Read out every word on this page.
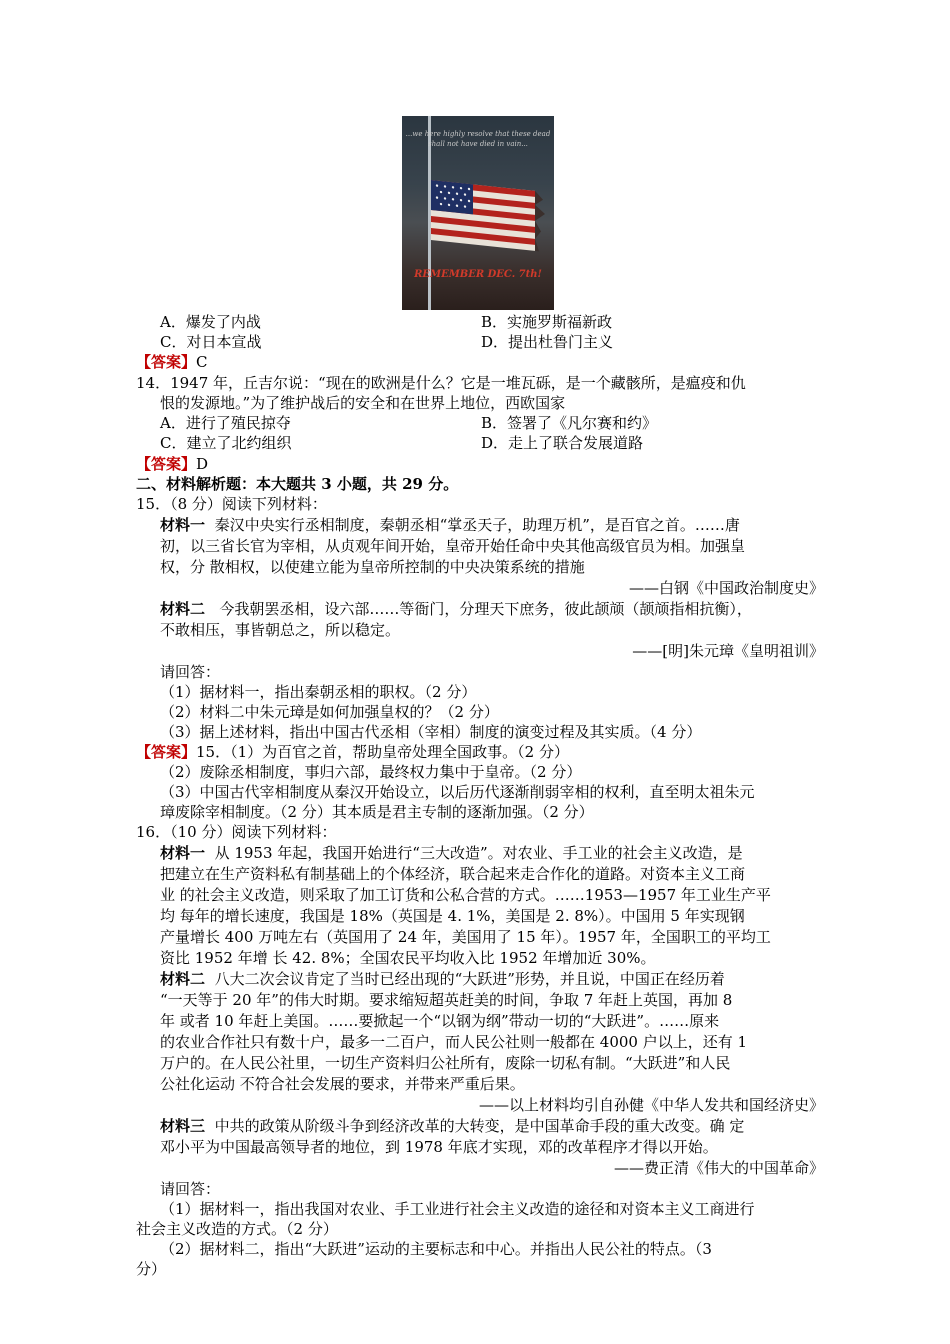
...we here highly resolve that these dead
shall not have died in vain...
REMEMBER DEC. 7th!
A．爆发了内战	B．实施罗斯福新政
C．对日本宣战	D．提出杜鲁门主义
【答案】C
14．1947 年，丘吉尔说：“现在的欧洲是什么？它是一堆瓦砾，是一个藏骸所，是瘟疫和仇
恨的发源地。”为了维护战后的安全和在世界上地位，西欧国家
A．进行了殖民掠夺	B．签署了《凡尔赛和约》
C．建立了北约组织	D．走上了联合发展道路
【答案】D
二、材料解析题：本大题共 3 小题，共 29 分。
15．（8 分）阅读下列材料：
材料一 秦汉中央实行丞相制度，秦朝丞相“掌丞天子，助理万机”，是百官之首。……唐
初，以三省长官为宰相，从贞观年间开始，皇帝开始任命中央其他高级官员为相。加强皇
权，分 散相权，以使建立能为皇帝所控制的中央决策系统的措施
——白钢《中国政治制度史》
材料二 今我朝罢丞相，设六部……等衙门，分理天下庶务，彼此颉颃（颉颃指相抗衡），
不敢相压，事皆朝总之，所以稳定。
——[明]朱元璋《皇明祖训》
请回答：
（1）据材料一，指出秦朝丞相的职权。（2 分）
（2）材料二中朱元璋是如何加强皇权的？（2 分）
（3）据上述材料，指出中国古代丞相（宰相）制度的演变过程及其实质。（4 分）
【答案】15．（1）为百官之首，帮助皇帝处理全国政事。（2 分）
（2）废除丞相制度，事归六部，最终权力集中于皇帝。（2 分）
（3）中国古代宰相制度从秦汉开始设立，以后历代逐渐削弱宰相的权利，直至明太祖朱元
璋废除宰相制度。（2 分）其本质是君主专制的逐渐加强。（2 分）
16．（10 分）阅读下列材料：
材料一 从 1953 年起，我国开始进行“三大改造”。对农业、手工业的社会主义改造，是
把建立在生产资料私有制基础上的个体经济，联合起来走合作化的道路。对资本主义工商
业 的社会主义改造，则采取了加工订货和公私合营的方式。……1953—1957 年工业生产平
均 每年的增长速度，我国是 18%（英国是 4. 1%，美国是 2. 8%）。中国用 5 年实现钢
产量增长 400 万吨左右（英国用了 24 年，美国用了 15 年）。1957 年，全国职工的平均工
资比 1952 年增 长 42. 8%；全国农民平均收入比 1952 年增加近 30%。
材料二 八大二次会议肯定了当时已经出现的“大跃进”形势，并且说，中国正在经历着
“一天等于 20 年”的伟大时期。要求缩短超英赶美的时间，争取 7 年赶上英国，再加 8
年 或者 10 年赶上美国。……要掀起一个“以钢为纲”带动一切的“大跃进”。……原来
的农业合作社只有数十户，最多一二百户，而人民公社则一般都在 4000 户以上，还有 1
万户的。在人民公社里，一切生产资料归公社所有，废除一切私有制。“大跃进”和人民
公社化运动 不符合社会发展的要求，并带来严重后果。
——以上材料均引自孙健《中华人发共和国经济史》
材料三 中共的政策从阶级斗争到经济改革的大转变，是中国革命手段的重大改变。确 定
邓小平为中国最高领导者的地位，到 1978 年底才实现，邓的改革程序才得以开始。
——费正清《伟大的中国革命》
请回答：
（1）据材料一，指出我国对农业、手工业进行社会主义改造的途径和对资本主义工商进行
社会主义改造的方式。（2 分）
（2）据材料二，指出“大跃进”运动的主要标志和中心。并指出人民公社的特点。（3
分）
